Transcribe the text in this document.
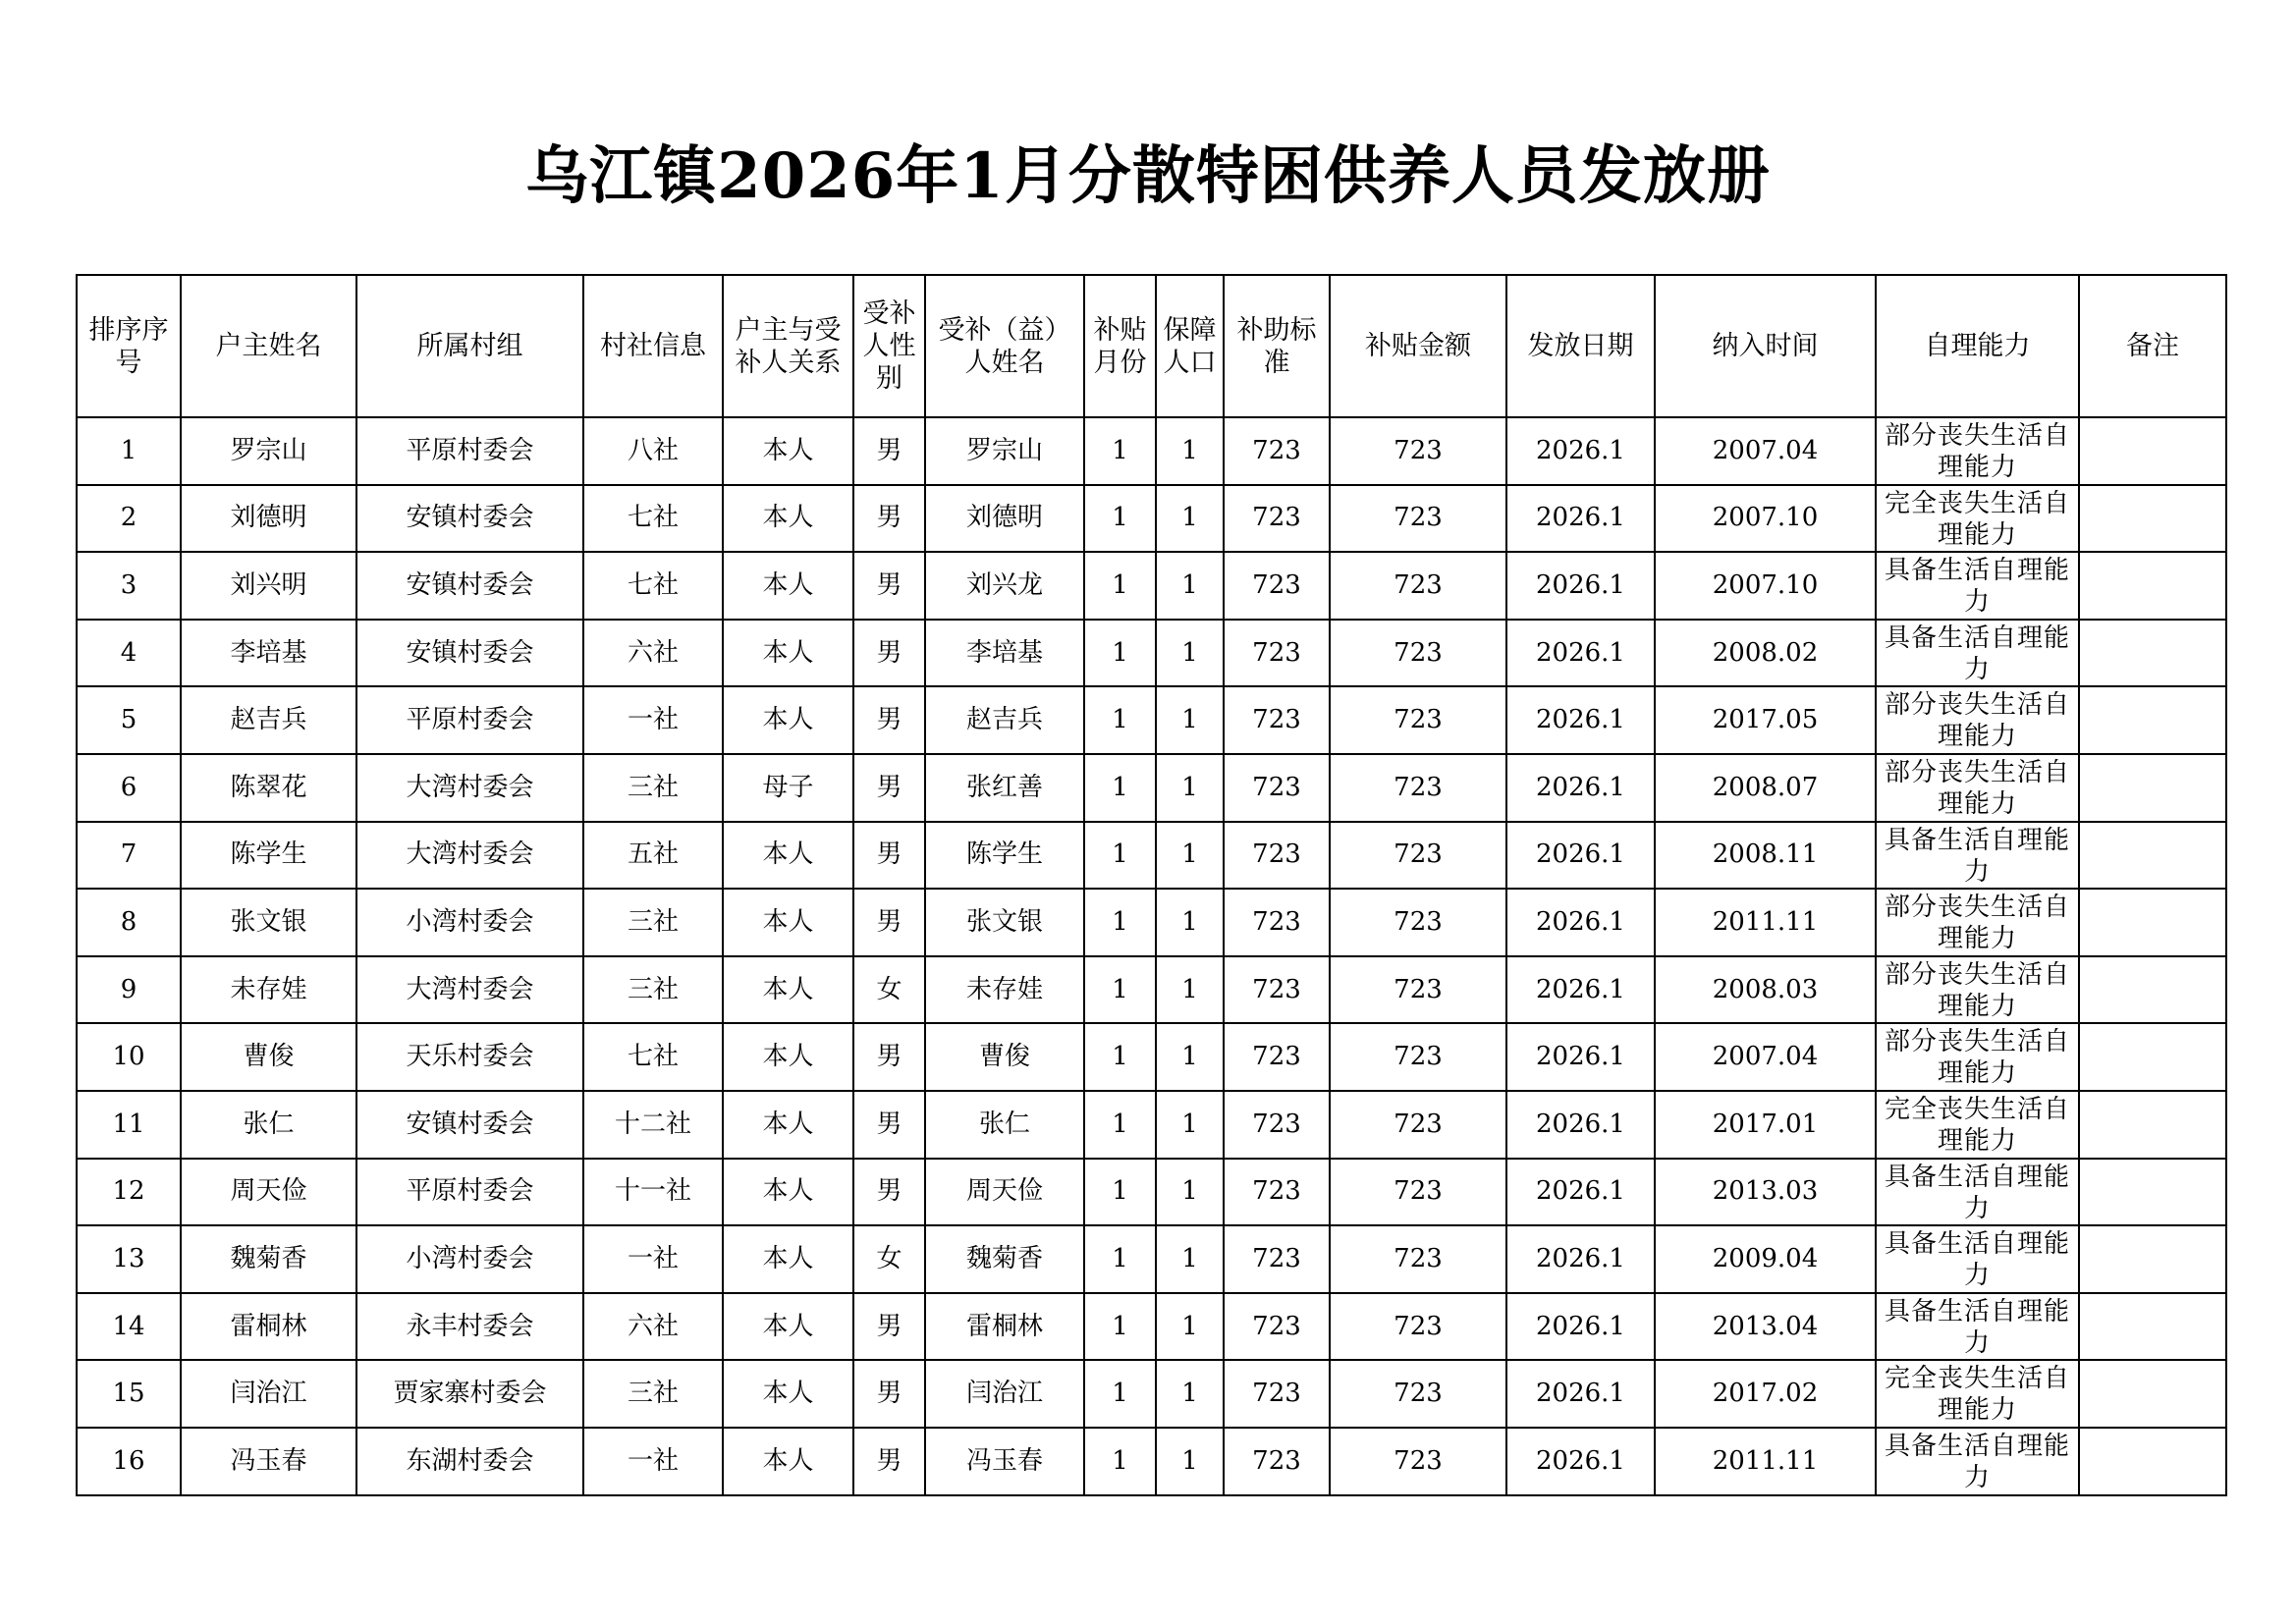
乌江镇2026年1月分散特困供养人员发放册
排序序号	户主姓名	所属村组	村社信息	户主与受补人关系	受补人性别	受补（益）人姓名	补贴月份	保障人口	补助标准	补贴金额	发放日期	纳入时间	自理能力	备注
1	罗宗山	平原村委会	八社	本人	男	罗宗山	1	1	723	723	2026.1	2007.04	部分丧失生活自理能力	
2	刘德明	安镇村委会	七社	本人	男	刘德明	1	1	723	723	2026.1	2007.10	完全丧失生活自理能力	
3	刘兴明	安镇村委会	七社	本人	男	刘兴龙	1	1	723	723	2026.1	2007.10	具备生活自理能力	
4	李培基	安镇村委会	六社	本人	男	李培基	1	1	723	723	2026.1	2008.02	具备生活自理能力	
5	赵吉兵	平原村委会	一社	本人	男	赵吉兵	1	1	723	723	2026.1	2017.05	部分丧失生活自理能力	
6	陈翠花	大湾村委会	三社	母子	男	张红善	1	1	723	723	2026.1	2008.07	部分丧失生活自理能力	
7	陈学生	大湾村委会	五社	本人	男	陈学生	1	1	723	723	2026.1	2008.11	具备生活自理能力	
8	张文银	小湾村委会	三社	本人	男	张文银	1	1	723	723	2026.1	2011.11	部分丧失生活自理能力	
9	未存娃	大湾村委会	三社	本人	女	未存娃	1	1	723	723	2026.1	2008.03	部分丧失生活自理能力	
10	曹俊	天乐村委会	七社	本人	男	曹俊	1	1	723	723	2026.1	2007.04	部分丧失生活自理能力	
11	张仁	安镇村委会	十二社	本人	男	张仁	1	1	723	723	2026.1	2017.01	完全丧失生活自理能力	
12	周天俭	平原村委会	十一社	本人	男	周天俭	1	1	723	723	2026.1	2013.03	具备生活自理能力	
13	魏菊香	小湾村委会	一社	本人	女	魏菊香	1	1	723	723	2026.1	2009.04	具备生活自理能力	
14	雷桐林	永丰村委会	六社	本人	男	雷桐林	1	1	723	723	2026.1	2013.04	具备生活自理能力	
15	闫治江	贾家寨村委会	三社	本人	男	闫治江	1	1	723	723	2026.1	2017.02	完全丧失生活自理能力	
16	冯玉春	东湖村委会	一社	本人	男	冯玉春	1	1	723	723	2026.1	2011.11	具备生活自理能力	
